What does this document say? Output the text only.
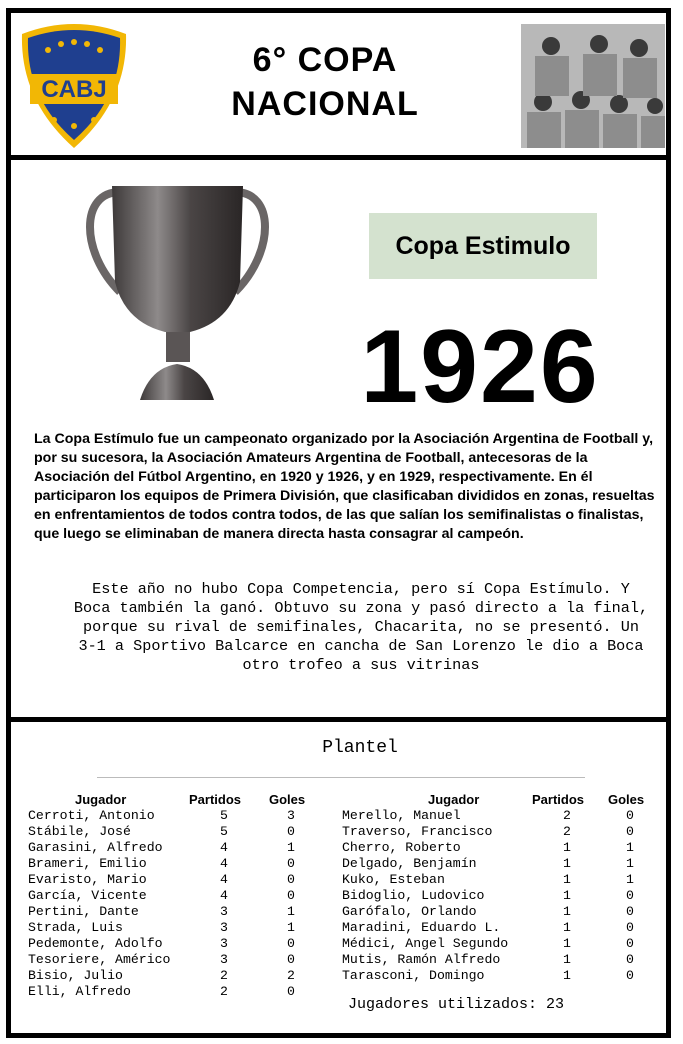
CABJ
6° COPA
NACIONAL
Copa Estimulo
1926
La Copa Estímulo fue un campeonato organizado por la Asociación Argentina de Football y, por su sucesora, la Asociación Amateurs Argentina de Football, antecesoras de la Asociación del Fútbol Argentino, en 1920 y 1926, y en 1929, respectivamente. En él participaron los equipos de Primera División, que clasificaban divididos en zonas, resueltas en enfrentamientos de todos contra todos, de las que salían los semifinalistas o finalistas, que luego se eliminaban de manera directa hasta consagrar al campeón.
Este año no hubo Copa Competencia, pero sí Copa Estímulo. Y Boca también la ganó. Obtuvo su zona y pasó directo a la final, porque su rival de semifinales, Chacarita, no se presentó. Un 3-1 a Sportivo Balcarce en cancha de San Lorenzo le dio a Boca otro trofeo a sus vitrinas
Plantel
Jugador	Partidos Goles	Jugador	Partidos Goles
Cerroti, Antonio	5	3
Stábile, José	5	0
Garasini, Alfredo	4	1
Brameri, Emilio	4	0
Evaristo, Mario	4	0
García, Vicente	4	0
Pertini, Dante	3	1
Strada, Luis	3	1
Pedemonte, Adolfo	3	0
Tesoriere, Américo	3	0
Bisio, Julio	2	2
Elli, Alfredo	2	0
Merello, Manuel	2	0
Traverso, Francisco	2	0
Cherro, Roberto	1	1
Delgado, Benjamín	1	1
Kuko, Esteban	1	1
Bidoglio, Ludovico	1	0
Garófalo, Orlando	1	0
Maradini, Eduardo L.	1	0
Médici, Angel Segundo	1	0
Mutis, Ramón Alfredo	1	0
Tarasconi, Domingo	1	0
Jugadores utilizados: 23
